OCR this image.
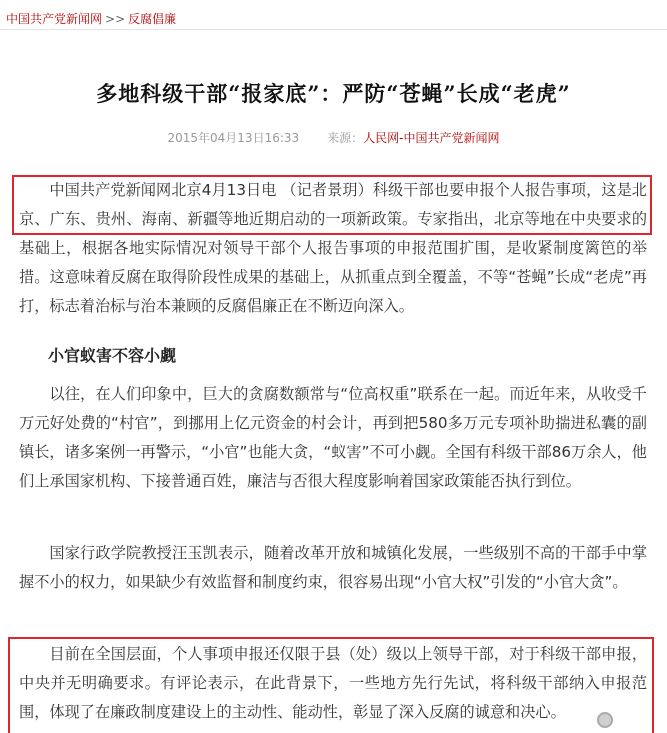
中国共产党新闻网 >> 反腐倡廉
多地科级干部“报家底”：严防“苍蝇”长成“老虎”
2015年04月13日16:33 来源：人民网-中国共产党新闻网

中国共产党新闻网北京4月13日电 （记者景玥）科级干部也要申报个人报告事项，这是北京、广东、贵州、海南、新疆等地近期启动的一项新政策。专家指出，北京等地在中央要求的基础上，根据各地实际情况对领导干部个人报告事项的申报范围扩围，是收紧制度篱笆的举措。这意味着反腐在取得阶段性成果的基础上，从抓重点到全覆盖，不等“苍蝇”长成“老虎”再打，标志着治标与治本兼顾的反腐倡廉正在不断迈向深入。

小官蚁害不容小觑

以往，在人们印象中，巨大的贪腐数额常与“位高权重”联系在一起。而近年来，从收受千万元好处费的“村官”，到挪用上亿元资金的村会计，再到把580多万元专项补助揣进私囊的副镇长，诸多案例一再警示，“小官”也能大贪，“蚁害”不可小觑。全国有科级干部86万余人，他们上承国家机构、下接普通百姓，廉洁与否很大程度影响着国家政策能否执行到位。

国家行政学院教授汪玉凯表示，随着改革开放和城镇化发展，一些级别不高的干部手中掌握不小的权力，如果缺少有效监督和制度约束，很容易出现“小官大权”引发的“小官大贪”。

目前在全国层面，个人事项申报还仅限于县（处）级以上领导干部，对于科级干部申报，中央并无明确要求。有评论表示，在此背景下，一些地方先行先试，将科级干部纳入申报范围，体现了在廉政制度建设上的主动性、能动性，彰显了深入反腐的诚意和决心。
